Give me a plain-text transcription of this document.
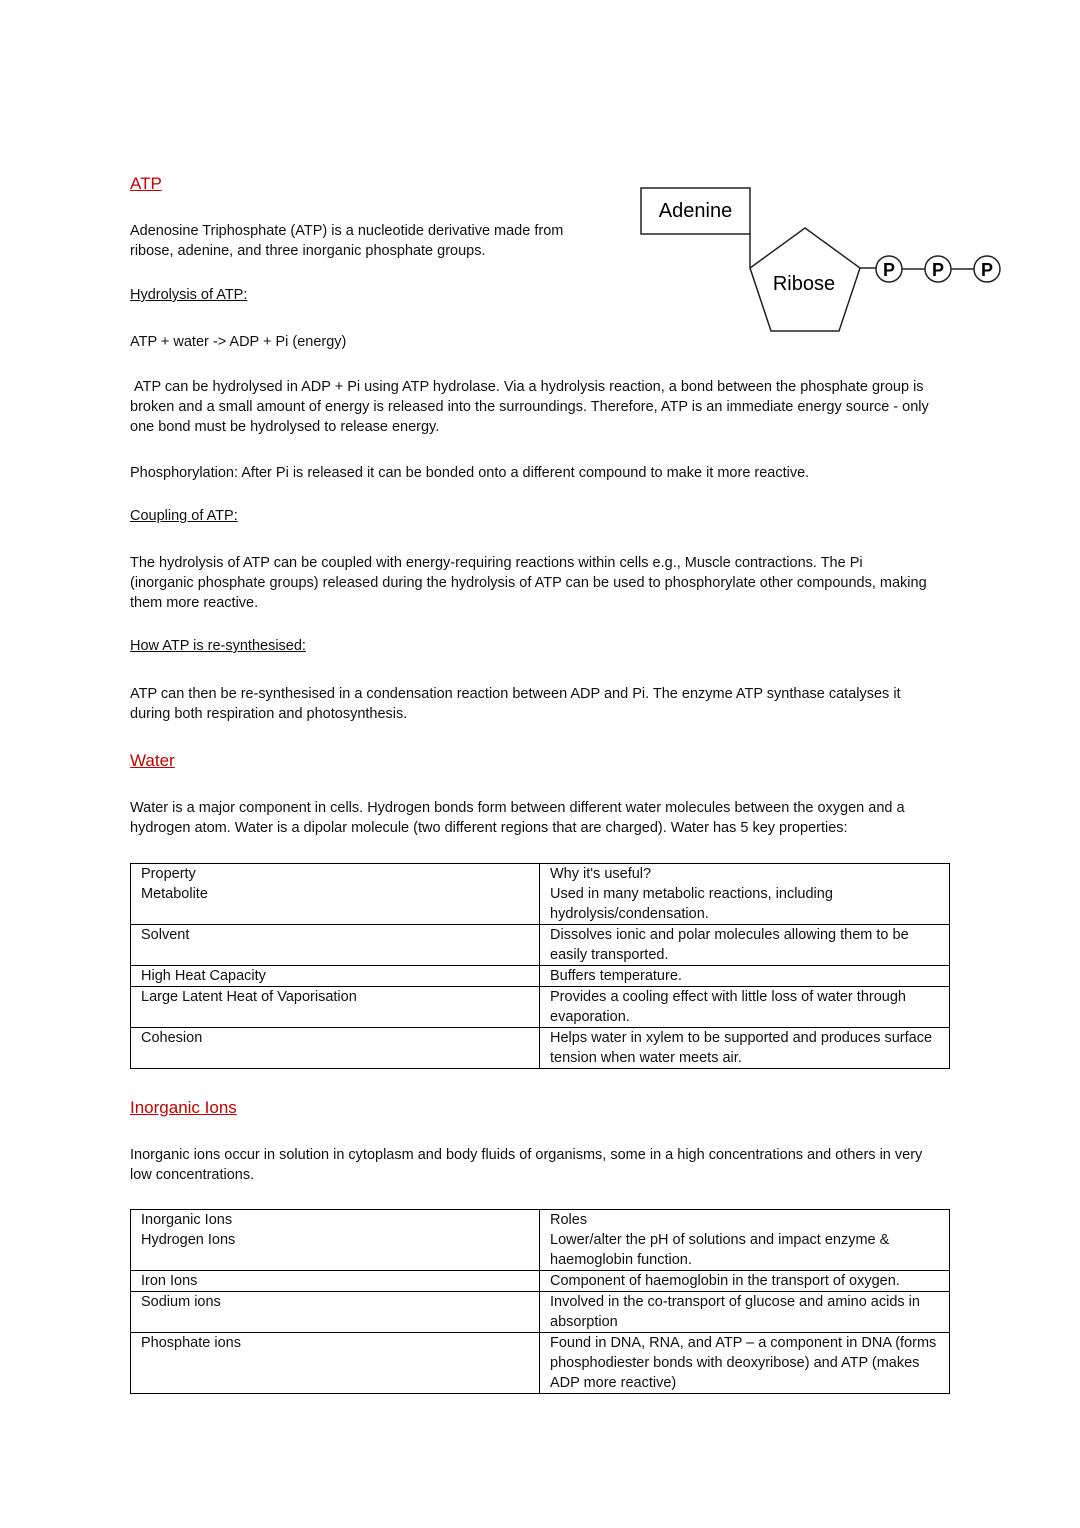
ATP

Adenosine Triphosphate (ATP) is a nucleotide derivative made from ribose, adenine, and three inorganic phosphate groups.

Adenine
Ribose
P P P
Hydrolysis of ATP:

ATP + water -> ADP + Pi (energy)

ATP can be hydrolysed in ADP + Pi using ATP hydrolase. Via a hydrolysis reaction, a bond between the phosphate group is broken and a small amount of energy is released into the surroundings. Therefore, ATP is an immediate energy source - only one bond must be hydrolysed to release energy.

Phosphorylation: After Pi is released it can be bonded onto a different compound to make it more reactive.

Coupling of ATP:

The hydrolysis of ATP can be coupled with energy-requiring reactions within cells e.g., Muscle contractions. The Pi (inorganic phosphate groups) released during the hydrolysis of ATP can be used to phosphorylate other compounds, making them more reactive.

How ATP is re-synthesised:

ATP can then be re-synthesised in a condensation reaction between ADP and Pi. The enzyme ATP synthase catalyses it during both respiration and photosynthesis.

Water

Water is a major component in cells. Hydrogen bonds form between different water molecules between the oxygen and a hydrogen atom. Water is a dipolar molecule (two different regions that are charged). Water has 5 key properties:

Property	Why it's useful?
Metabolite	Used in many metabolic reactions, including hydrolysis/condensation.
Solvent	Dissolves ionic and polar molecules allowing them to be easily transported.
High Heat Capacity	Buffers temperature.
Large Latent Heat of Vaporisation	Provides a cooling effect with little loss of water through evaporation.
Cohesion	Helps water in xylem to be supported and produces surface tension when water meets air.
Inorganic Ions

Inorganic ions occur in solution in cytoplasm and body fluids of organisms, some in a high concentrations and others in very low concentrations.

Inorganic Ions	Roles
Hydrogen Ions	Lower/alter the pH of solutions and impact enzyme & haemoglobin function.
Iron Ions	Component of haemoglobin in the transport of oxygen.
Sodium ions	Involved in the co-transport of glucose and amino acids in absorption
Phosphate ions	Found in DNA, RNA, and ATP – a component in DNA (forms phosphodiester bonds with deoxyribose) and ATP (makes ADP more reactive)
